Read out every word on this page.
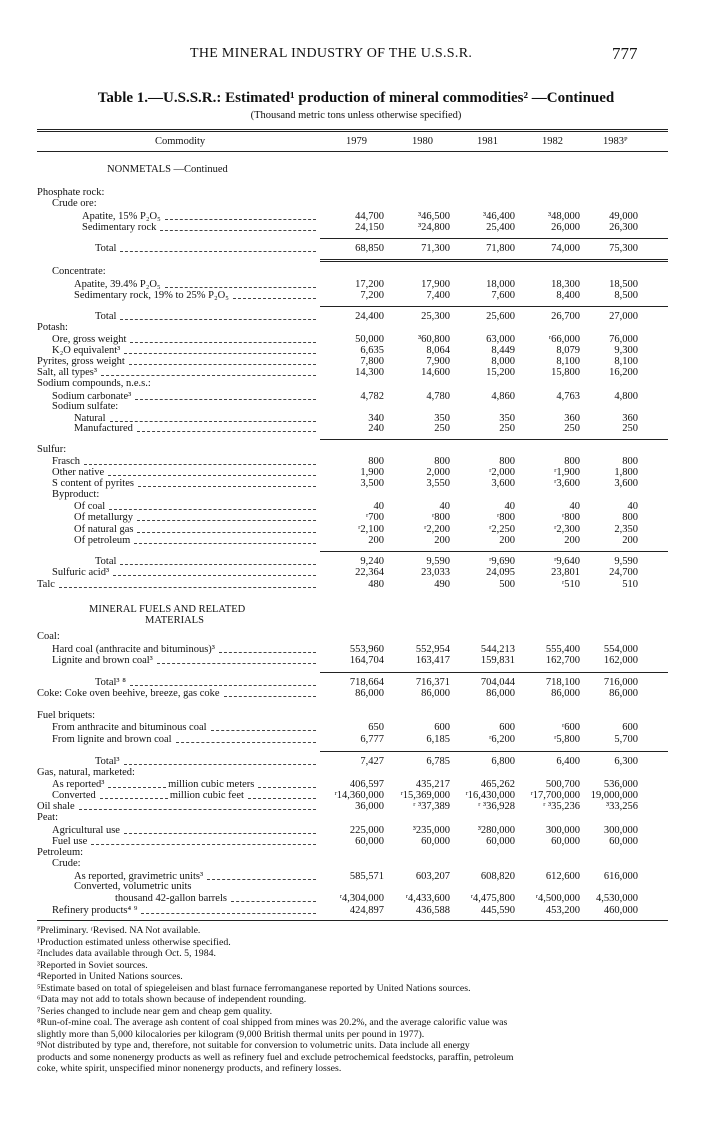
THE MINERAL INDUSTRY OF THE U.S.S.R.	777
Table 1.—U.S.S.R.: Estimated¹ production of mineral commodities² —Continued
(Thousand metric tons unless otherwise specified)
Commodity	1979	1980	1981	1982	1983ᴾ
NONMETALS —Continued
MINERAL FUELS AND RELATED
MATERIALS
Phosphate rock:
Crude ore:
Apatite, 15% P₂O₅	44,700	³46,500	³46,400	³48,000	49,000
Sedimentary rock	24,150	³24,800	25,400	26,000	26,300
Total	68,850	71,300	71,800	74,000	75,300
Concentrate:
Apatite, 39.4% P₂O₅	17,200	17,900	18,000	18,300	18,500
Sedimentary rock, 19% to 25% P₂O₅	7,200	7,400	7,600	8,400	8,500
Total	24,400	25,300	25,600	26,700	27,000
Potash:
Ore, gross weight	50,000	³60,800	63,000	ʳ66,000	76,000
K₂O equivalent³	6,635	8,064	8,449	8,079	9,300
Pyrites, gross weight	7,800	7,900	8,000	8,100	8,100
Salt, all types³	14,300	14,600	15,200	15,800	16,200
Sodium compounds, n.e.s.:
Sodium carbonate³	4,782	4,780	4,860	4,763	4,800
Sodium sulfate:
Natural	340	350	350	360	360
Manufactured	240	250	250	250	250
Sulfur:
Frasch	800	800	800	800	800
Other native	1,900	2,000	ʳ2,000	ʳ1,900	1,800
S content of pyrites	3,500	3,550	3,600	ʳ3,600	3,600
Byproduct:
Of coal	40	40	40	40	40
Of metallurgy	ʳ700	ʳ800	ʳ800	ʳ800	800
Of natural gas	ʳ2,100	ʳ2,200	ʳ2,250	ʳ2,300	2,350
Of petroleum	200	200	200	200	200
Total	9,240	9,590	ʳ9,690	ʳ9,640	9,590
Sulfuric acid³	22,364	23,033	24,095	23,801	24,700
Talc	480	490	500	ʳ510	510
Coal:
Hard coal (anthracite and bituminous)³	553,960	552,954	544,213	555,400	554,000
Lignite and brown coal³	164,704	163,417	159,831	162,700	162,000
Total³ ⁸	718,664	716,371	704,044	718,100	716,000
Coke: Coke oven beehive, breeze, gas coke	86,000	86,000	86,000	86,000	86,000
Fuel briquets:
From anthracite and bituminous coal	650	600	600	ʳ600	600
From lignite and brown coal	6,777	6,185	ʳ6,200	ʳ5,800	5,700
Total³	7,427	6,785	6,800	6,400	6,300
Gas, natural, marketed:
As reported³	million cubic meters	406,597	435,217	465,262	500,700	536,000
Converted	million cubic feet	ʳ14,360,000	ʳ15,369,000	ʳ16,430,000	ʳ17,700,000	19,000,000
Oil shale	36,000	ʳ ³37,389	ʳ ³36,928	ʳ ³35,236	³33,256
Peat:
Agricultural use	225,000	³235,000	³280,000	300,000	300,000
Fuel use	60,000	60,000	60,000	60,000	60,000
Petroleum:
Crude:
As reported, gravimetric units³	585,571	603,207	608,820	612,600	616,000
Converted, volumetric units
thousand 42-gallon barrels	ʳ4,304,000	ʳ4,433,600	ʳ4,475,800	ʳ4,500,000	4,530,000
Refinery products⁴ ⁹	424,897	436,588	445,590	453,200	460,000
ᴾPreliminary. ʳRevised. NA Not available.
¹Production estimated unless otherwise specified.
²Includes data available through Oct. 5, 1984.
³Reported in Soviet sources.
⁴Reported in United Nations sources.
⁵Estimate based on total of spiegeleisen and blast furnace ferromanganese reported by United Nations sources.
⁶Data may not add to totals shown because of independent rounding.
⁷Series changed to include near gem and cheap gem quality.
⁸Run-of-mine coal. The average ash content of coal shipped from mines was 20.2%, and the average calorific value was
slightly more than 5,000 kilocalories per kilogram (9,000 British thermal units per pound in 1977).
⁹Not distributed by type and, therefore, not suitable for conversion to volumetric units. Data include all energy
products and some nonenergy products as well as refinery fuel and exclude petrochemical feedstocks, paraffin, petroleum
coke, white spirit, unspecified minor nonenergy products, and refinery losses.
